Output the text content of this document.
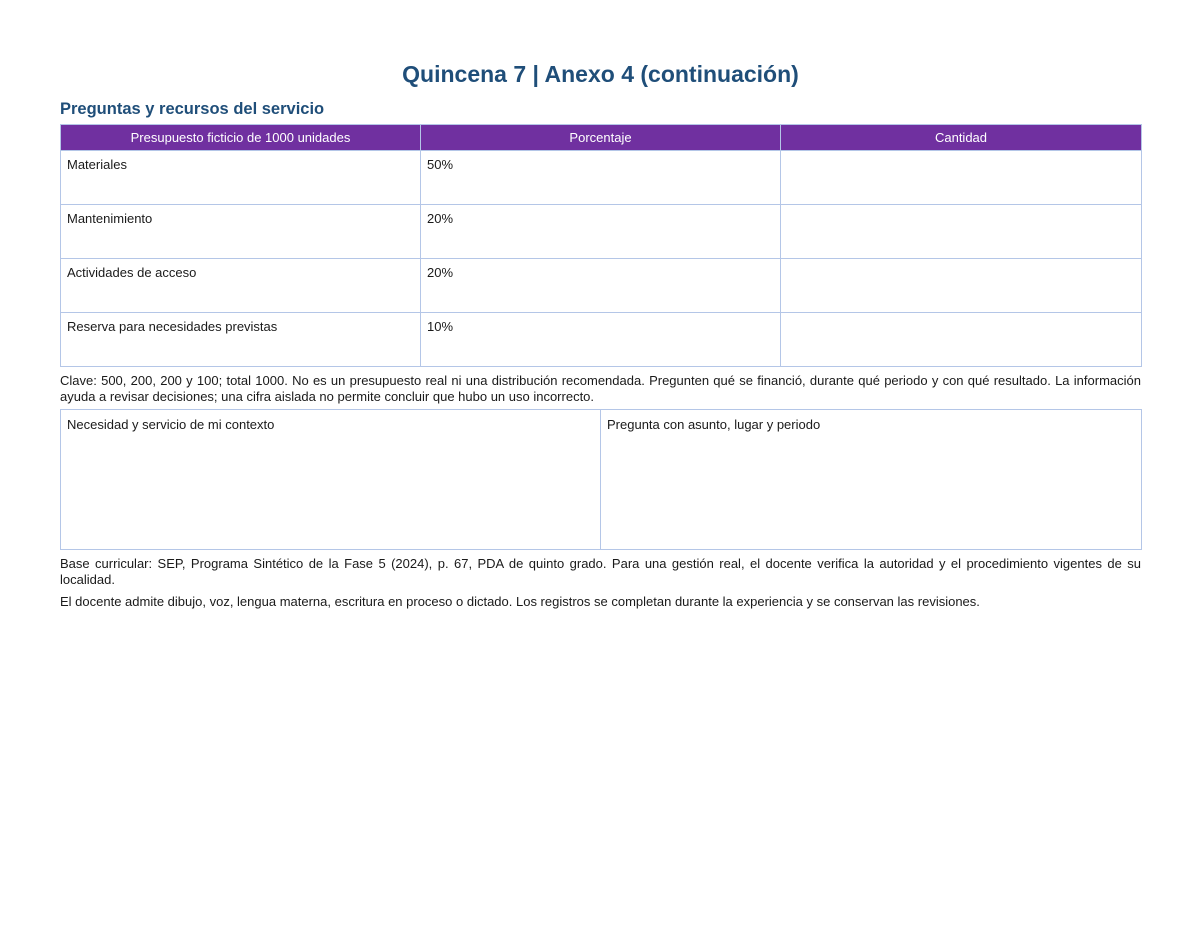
Quincena 7 | Anexo 4 (continuación)
Preguntas y recursos del servicio
Presupuesto ficticio de 1000 unidades	Porcentaje	Cantidad
Materiales	50%	
Mantenimiento	20%	
Actividades de acceso	20%	
Reserva para necesidades previstas	10%	

Clave: 500, 200, 200 y 100; total 1000. No es un presupuesto real ni una distribución recomendada. Pregunten qué se financió, durante qué periodo y con qué resultado. La información ayuda a revisar decisiones; una cifra aislada no permite concluir que hubo un uso incorrecto.

Necesidad y servicio de mi contexto	Pregunta con asunto, lugar y periodo

Base curricular: SEP, Programa Sintético de la Fase 5 (2024), p. 67, PDA de quinto grado. Para una gestión real, el docente verifica la autoridad y el procedimiento vigentes de su localidad.

El docente admite dibujo, voz, lengua materna, escritura en proceso o dictado. Los registros se completan durante la experiencia y se conservan las revisiones.
